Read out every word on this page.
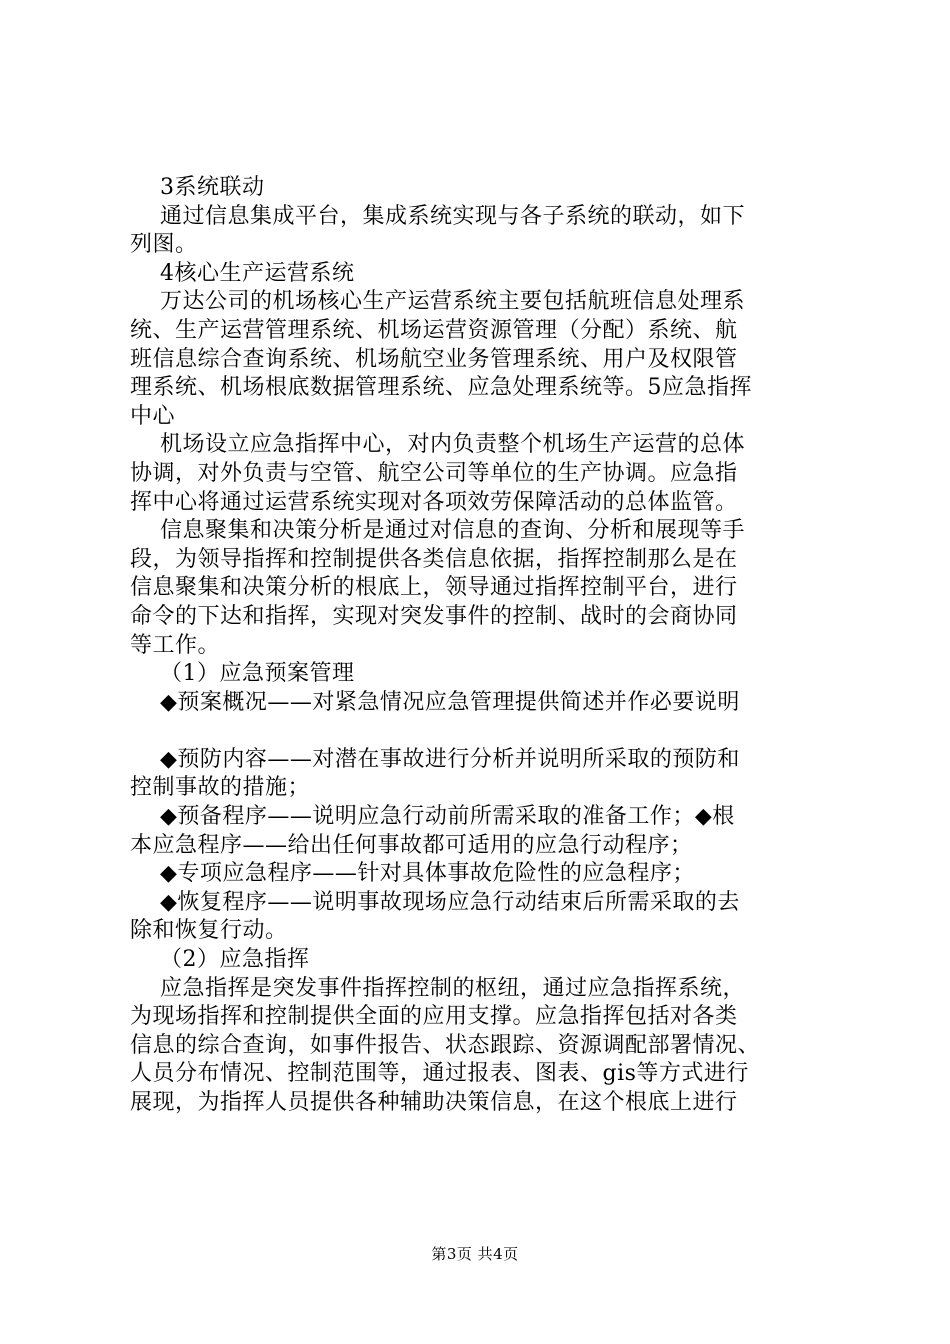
3系统联动
通过信息集成平台，集成系统实现与各子系统的联动，如下
列图。
4核心生产运营系统
万达公司的机场核心生产运营系统主要包括航班信息处理系
统、生产运营管理系统、机场运营资源管理（分配）系统、航
班信息综合查询系统、机场航空业务管理系统、用户及权限管
理系统、机场根底数据管理系统、应急处理系统等。5应急指挥
中心
机场设立应急指挥中心，对内负责整个机场生产运营的总体
协调，对外负责与空管、航空公司等单位的生产协调。应急指
挥中心将通过运营系统实现对各项效劳保障活动的总体监管。
信息聚集和决策分析是通过对信息的查询、分析和展现等手
段，为领导指挥和控制提供各类信息依据，指挥控制那么是在
信息聚集和决策分析的根底上，领导通过指挥控制平台，进行
命令的下达和指挥，实现对突发事件的控制、战时的会商协同
等工作。
（1）应急预案管理
◆预案概况——对紧急情况应急管理提供简述并作必要说明
◆预防内容——对潜在事故进行分析并说明所采取的预防和
控制事故的措施；
◆预备程序——说明应急行动前所需采取的准备工作；◆根
本应急程序——给出任何事故都可适用的应急行动程序；
◆专项应急程序——针对具体事故危险性的应急程序；
◆恢复程序——说明事故现场应急行动结束后所需采取的去
除和恢复行动。
（2）应急指挥
应急指挥是突发事件指挥控制的枢纽，通过应急指挥系统，
为现场指挥和控制提供全面的应用支撑。应急指挥包括对各类
信息的综合查询，如事件报告、状态跟踪、资源调配部署情况、
人员分布情况、控制范围等，通过报表、图表、gis等方式进行
展现，为指挥人员提供各种辅助决策信息，在这个根底上进行
第3页 共4页
